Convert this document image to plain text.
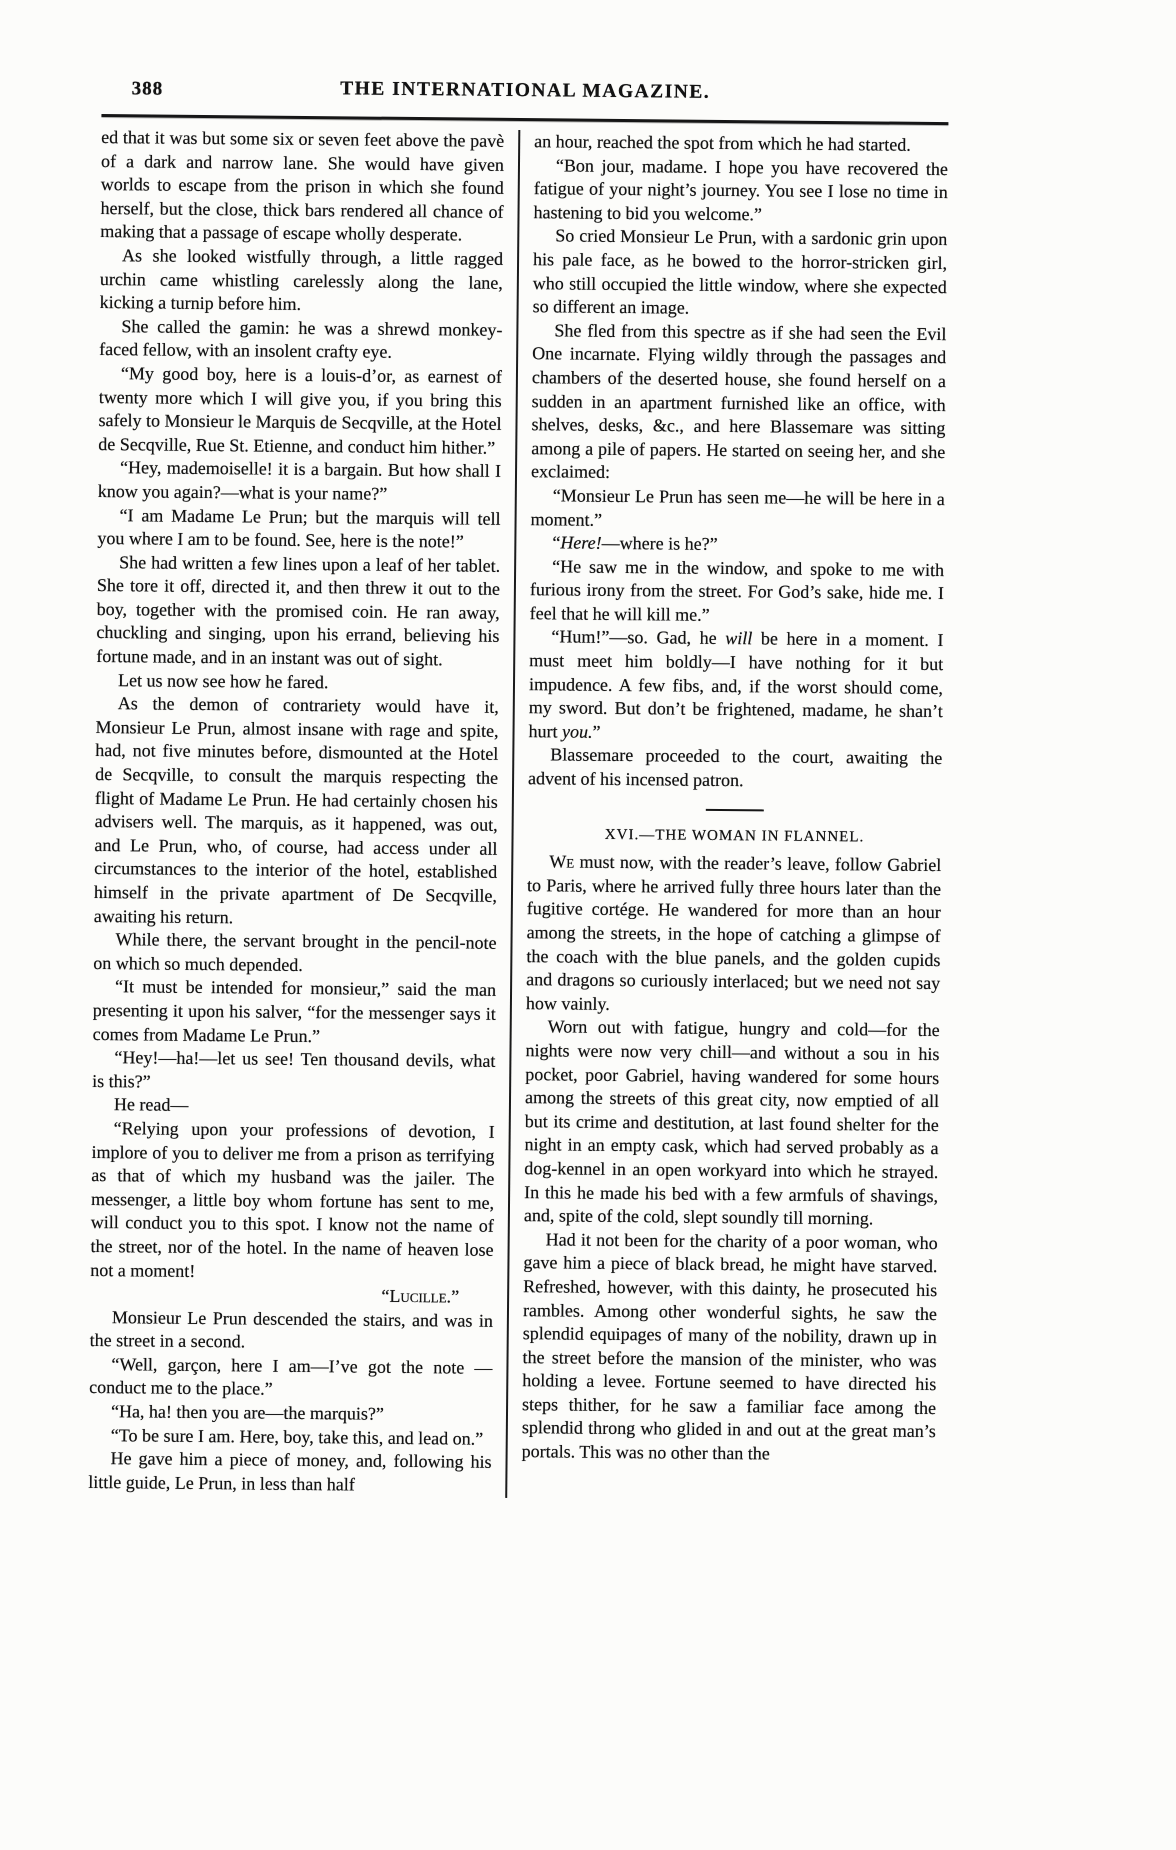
388	THE INTERNATIONAL MAGAZINE.

ed that it was but some six or seven feet above the pavè of a dark and narrow lane. She would have given worlds to escape from the prison in which she found herself, but the close, thick bars rendered all chance of making that a passage of escape wholly desperate.

As she looked wistfully through, a little ragged urchin came whistling carelessly along the lane, kicking a turnip before him.

She called the gamin: he was a shrewd monkey-faced fellow, with an insolent crafty eye.

“My good boy, here is a louis-d’or, as earnest of twenty more which I will give you, if you bring this safely to Monsieur le Marquis de Secqville, at the Hotel de Secqville, Rue St. Etienne, and conduct him hither.”

“Hey, mademoiselle! it is a bargain. But how shall I know you again?—what is your name?”

“I am Madame Le Prun; but the marquis will tell you where I am to be found. See, here is the note!”

She had written a few lines upon a leaf of her tablet. She tore it off, directed it, and then threw it out to the boy, together with the promised coin. He ran away, chuckling and singing, upon his errand, believing his fortune made, and in an instant was out of sight.

Let us now see how he fared.

As the demon of contrariety would have it, Monsieur Le Prun, almost insane with rage and spite, had, not five minutes before, dismounted at the Hotel de Secqville, to consult the marquis respecting the flight of Madame Le Prun. He had certainly chosen his advisers well. The marquis, as it happened, was out, and Le Prun, who, of course, had access under all circumstances to the interior of the hotel, established himself in the private apartment of De Secqville, awaiting his return.

While there, the servant brought in the pencil-note on which so much depended.

“It must be intended for monsieur,” said the man presenting it upon his salver, “for the messenger says it comes from Madame Le Prun.”

“Hey!—ha!—let us see! Ten thousand devils, what is this?”

He read—

“Relying upon your professions of devotion, I implore of you to deliver me from a prison as terrifying as that of which my husband was the jailer. The messenger, a little boy whom fortune has sent to me, will conduct you to this spot. I know not the name of the street, nor of the hotel. In the name of heaven lose not a moment!

“Lucille.”

Monsieur Le Prun descended the stairs, and was in the street in a second.

“Well, garçon, here I am—I’ve got the note —conduct me to the place.”

“Ha, ha! then you are—the marquis?”

“To be sure I am. Here, boy, take this, and lead on.”

He gave him a piece of money, and, following his little guide, Le Prun, in less than half

an hour, reached the spot from which he had started.

“Bon jour, madame. I hope you have recovered the fatigue of your night’s journey. You see I lose no time in hastening to bid you welcome.”

So cried Monsieur Le Prun, with a sardonic grin upon his pale face, as he bowed to the horror-stricken girl, who still occupied the little window, where she expected so different an image.

She fled from this spectre as if she had seen the Evil One incarnate. Flying wildly through the passages and chambers of the deserted house, she found herself on a sudden in an apartment furnished like an office, with shelves, desks, &c., and here Blassemare was sitting among a pile of papers. He started on seeing her, and she exclaimed:

“Monsieur Le Prun has seen me—he will be here in a moment.”

“Here!—where is he?”

“He saw me in the window, and spoke to me with furious irony from the street. For God’s sake, hide me. I feel that he will kill me.”

“Hum!”—so. Gad, he will be here in a moment. I must meet him boldly—I have nothing for it but impudence. A few fibs, and, if the worst should come, my sword. But don’t be frightened, madame, he shan’t hurt you.”

Blassemare proceeded to the court, awaiting the advent of his incensed patron.

XVI.—THE WOMAN IN FLANNEL.

We must now, with the reader’s leave, follow Gabriel to Paris, where he arrived fully three hours later than the fugitive cortége. He wandered for more than an hour among the streets, in the hope of catching a glimpse of the coach with the blue panels, and the golden cupids and dragons so curiously interlaced; but we need not say how vainly.

Worn out with fatigue, hungry and cold—for the nights were now very chill—and without a sou in his pocket, poor Gabriel, having wandered for some hours among the streets of this great city, now emptied of all but its crime and destitution, at last found shelter for the night in an empty cask, which had served probably as a dog-kennel in an open workyard into which he strayed. In this he made his bed with a few armfuls of shavings, and, spite of the cold, slept soundly till morning.

Had it not been for the charity of a poor woman, who gave him a piece of black bread, he might have starved. Refreshed, however, with this dainty, he prosecuted his rambles. Among other wonderful sights, he saw the splendid equipages of many of the nobility, drawn up in the street before the mansion of the minister, who was holding a levee. Fortune seemed to have directed his steps thither, for he saw a familiar face among the splendid throng who glided in and out at the great man’s portals. This was no other than the
